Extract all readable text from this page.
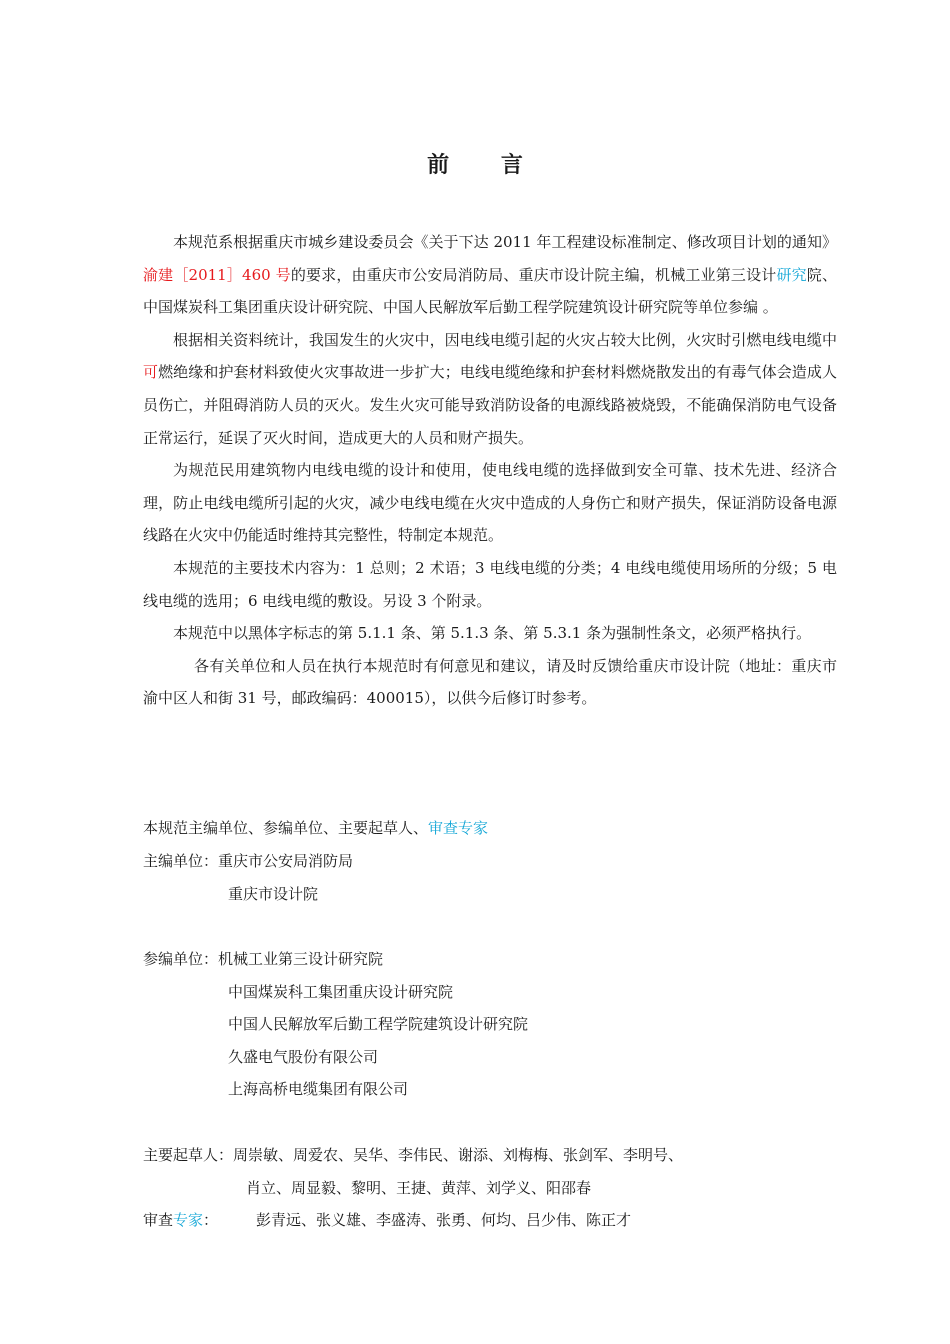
前 言

本规范系根据重庆市城乡建设委员会《关于下达 2011 年工程建设标准制定、修改项目计划的通知》渝建［2011］460 号的要求，由重庆市公安局消防局、重庆市设计院主编，机械工业第三设计研究院、中国煤炭科工集团重庆设计研究院、中国人民解放军后勤工程学院建筑设计研究院等单位参编 。

根据相关资料统计，我国发生的火灾中，因电线电缆引起的火灾占较大比例，火灾时引燃电线电缆中可燃绝缘和护套材料致使火灾事故进一步扩大；电线电缆绝缘和护套材料燃烧散发出的有毒气体会造成人员伤亡，并阻碍消防人员的灭火。发生火灾可能导致消防设备的电源线路被烧毁，不能确保消防电气设备正常运行，延误了灭火时间，造成更大的人员和财产损失。

为规范民用建筑物内电线电缆的设计和使用，使电线电缆的选择做到安全可靠、技术先进、经济合理，防止电线电缆所引起的火灾，减少电线电缆在火灾中造成的人身伤亡和财产损失，保证消防设备电源线路在火灾中仍能适时维持其完整性，特制定本规范。

本规范的主要技术内容为：1 总则；2 术语；3 电线电缆的分类；4 电线电缆使用场所的分级；5 电线电缆的选用；6 电线电缆的敷设。另设 3 个附录。

本规范中以黑体字标志的第 5.1.1 条、第 5.1.3 条、第 5.3.1 条为强制性条文，必须严格执行。

各有关单位和人员在执行本规范时有何意见和建议，请及时反馈给重庆市设计院（地址：重庆市渝中区人和街 31 号，邮政编码：400015），以供今后修订时参考。

本规范主编单位、参编单位、主要起草人、审查专家
主编单位：重庆市公安局消防局
重庆市设计院
参编单位：机械工业第三设计研究院
中国煤炭科工集团重庆设计研究院
中国人民解放军后勤工程学院建筑设计研究院
久盛电气股份有限公司
上海高桥电缆集团有限公司
主要起草人：周崇敏、周爱农、吴华、李伟民、谢添、刘梅梅、张剑军、李明号、
肖立、周显毅、黎明、王捷、黄萍、刘学义、阳邵春
审查专家：	彭青远、张义雄、李盛涛、张勇、何均、吕少伟、陈正才
